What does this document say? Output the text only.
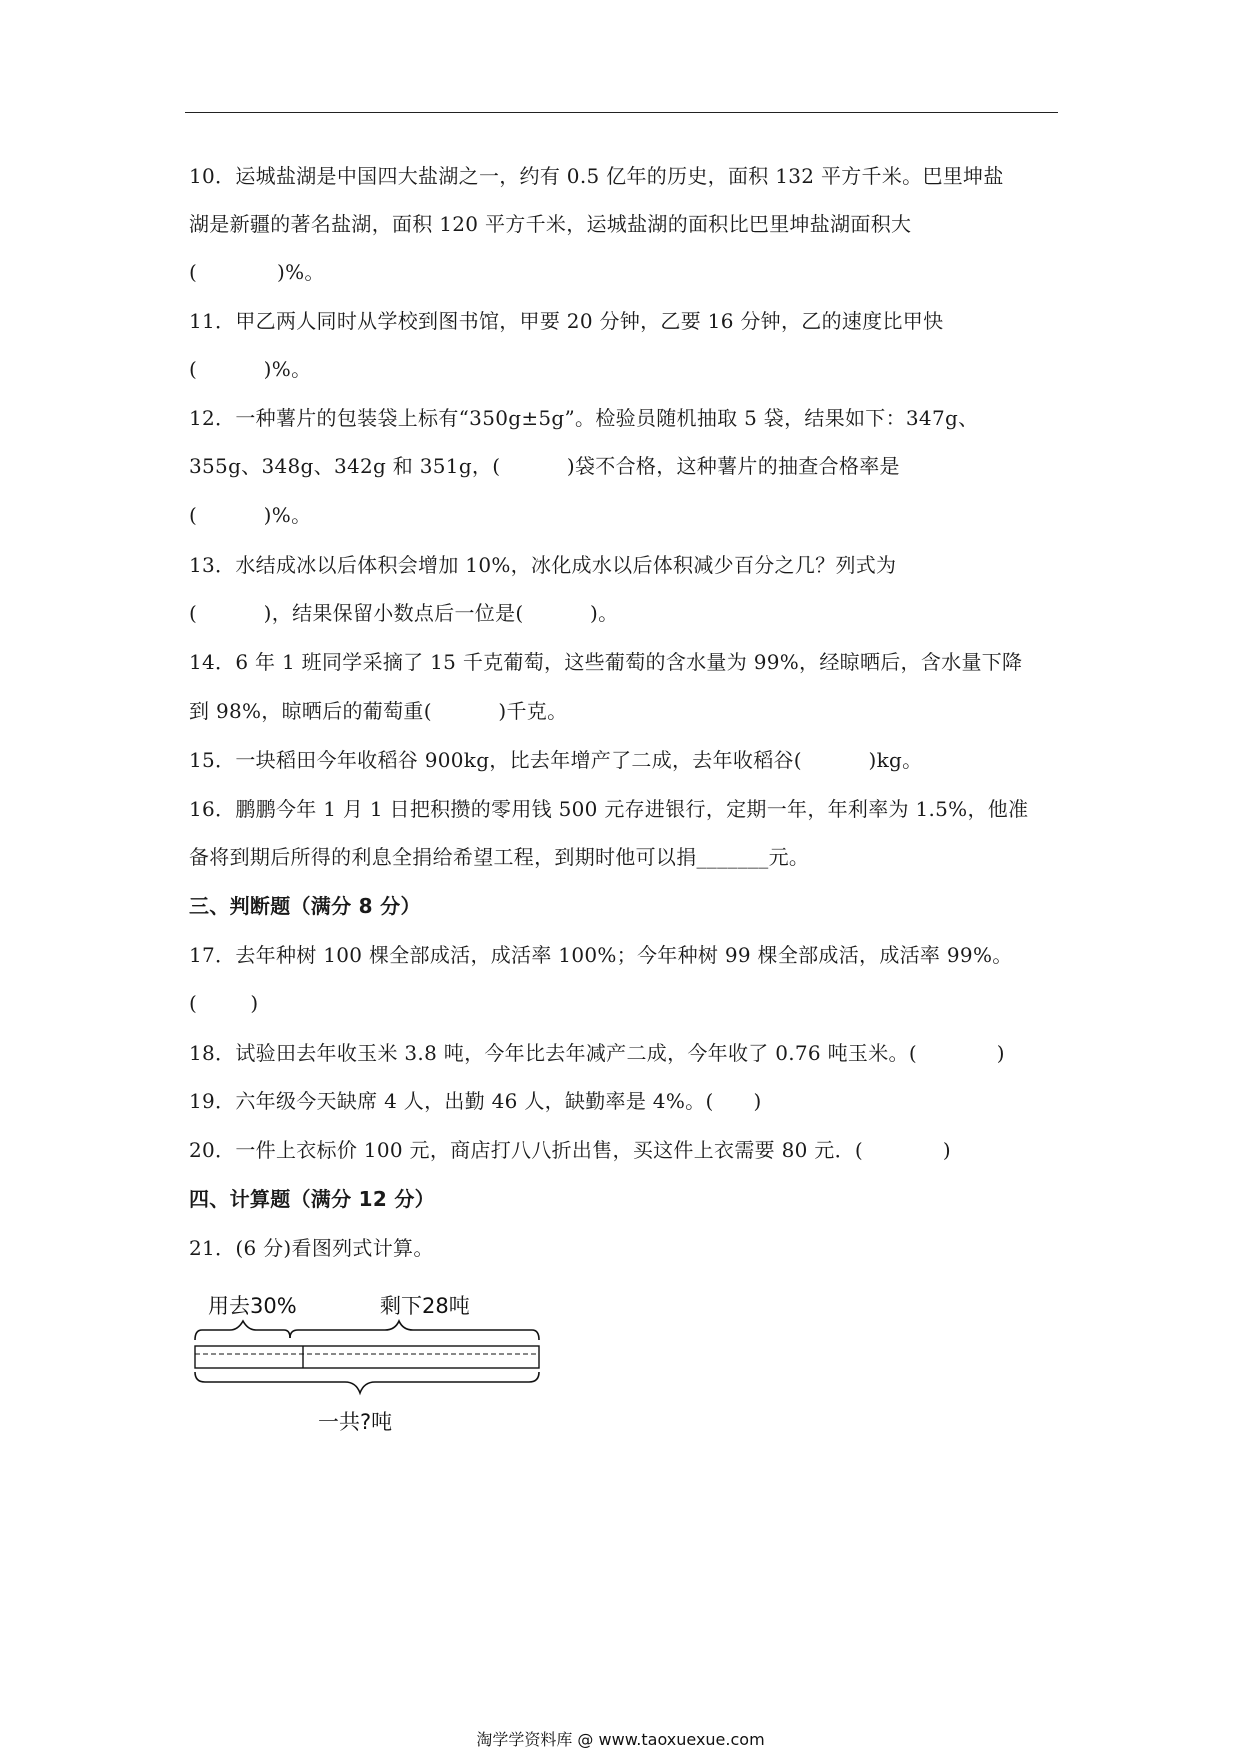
10．运城盐湖是中国四大盐湖之一，约有 0.5 亿年的历史，面积 132 平方千米。巴里坤盐
湖是新疆的著名盐湖，面积 120 平方千米，运城盐湖的面积比巴里坤盐湖面积大
(            )%。
11．甲乙两人同时从学校到图书馆，甲要 20 分钟，乙要 16 分钟，乙的速度比甲快
(          )%。
12．一种薯片的包装袋上标有“350g±5g”。检验员随机抽取 5 袋，结果如下：347g、
355g、348g、342g 和 351g，(          )袋不合格，这种薯片的抽查合格率是
(          )%。
13．水结成冰以后体积会增加 10%，冰化成水以后体积减少百分之几？列式为
(          )，结果保留小数点后一位是(          )。
14．6 年 1 班同学采摘了 15 千克葡萄，这些葡萄的含水量为 99%，经晾晒后，含水量下降
到 98%，晾晒后的葡萄重(          )千克。
15．一块稻田今年收稻谷 900kg，比去年增产了二成，去年收稻谷(          )kg。
16．鹏鹏今年 1 月 1 日把积攒的零用钱 500 元存进银行，定期一年，年利率为 1.5%，他准
备将到期后所得的利息全捐给希望工程，到期时他可以捐_______元。
三、判断题（满分 8 分）
17．去年种树 100 棵全部成活，成活率 100%；今年种树 99 棵全部成活，成活率 99%。
(        )
18．试验田去年收玉米 3.8 吨，今年比去年减产二成，今年收了 0.76 吨玉米。(            )
19．六年级今天缺席 4 人，出勤 46 人，缺勤率是 4%。(      )
20．一件上衣标价 100 元，商店打八八折出售，买这件上衣需要 80 元．(            )
四、计算题（满分 12 分）
21．(6 分)看图列式计算。
用去30%	剩下28吨
一共?吨
淘学学资料库 @ www.taoxuexue.com
